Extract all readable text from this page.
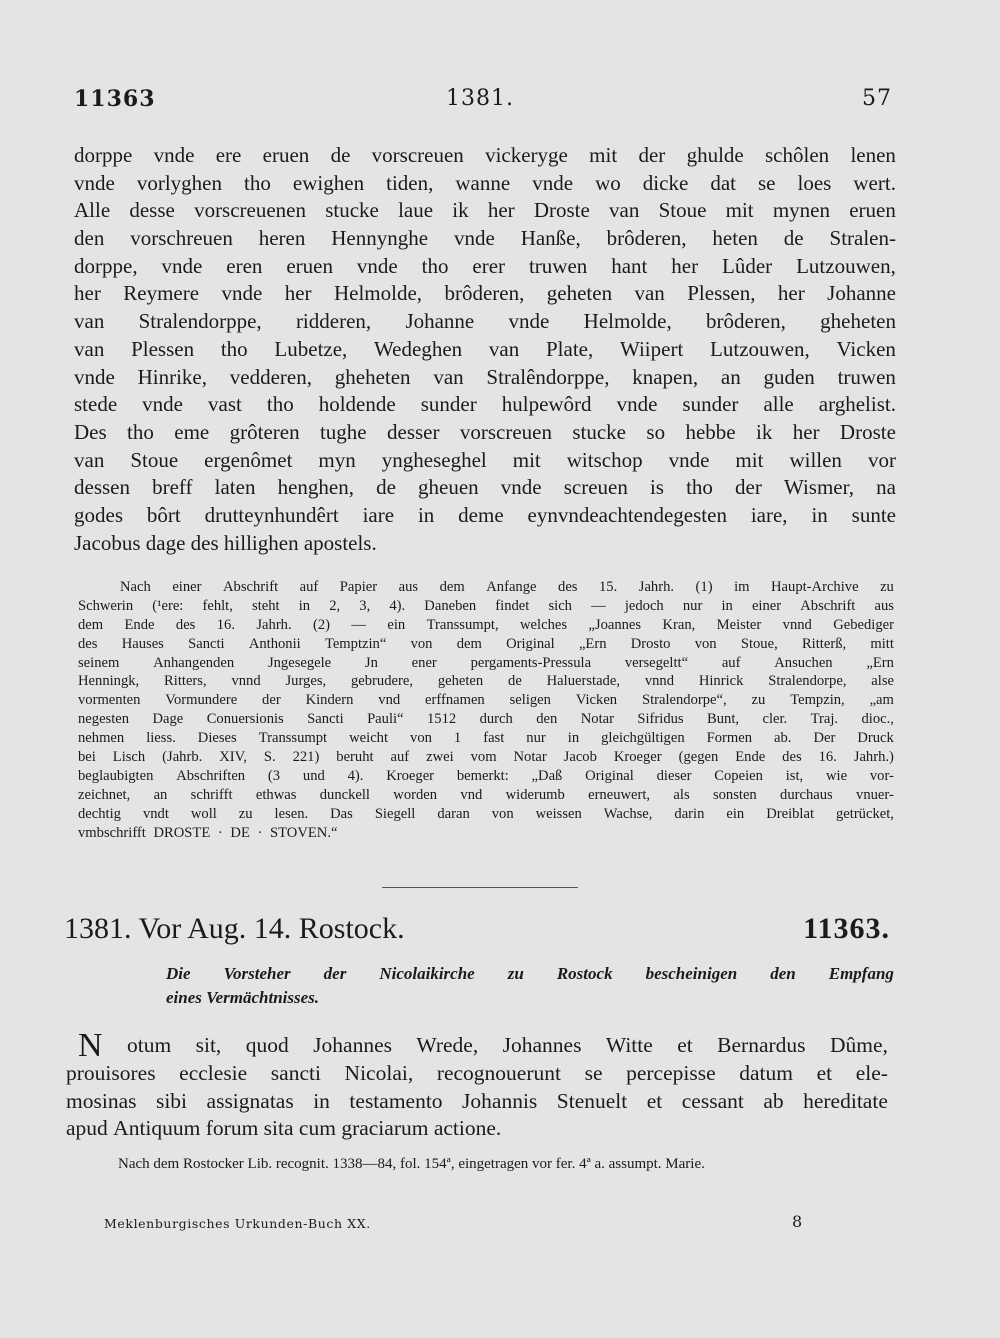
11363	1381.	57
dorppe vnde ere eruen de vorscreuen vickeryge mit der ghulde schôlen lenen
vnde vorlyghen tho ewighen tiden, wanne vnde wo dicke dat se loes wert.
Alle desse vorscreuenen stucke laue ik her Droste van Stoue mit mynen eruen
den vorschreuen heren Hennynghe vnde Hanße, brôderen, heten de Stralen-
dorppe, vnde eren eruen vnde tho erer truwen hant her Lûder Lutzouwen,
her Reymere vnde her Helmolde, brôderen, geheten van Plessen, her Johanne
van Stralendorppe, ridderen, Johanne vnde Helmolde, brôderen, gheheten
van Plessen tho Lubetze, Wedeghen van Plate, Wiipert Lutzouwen, Vicken
vnde Hinrike, vedderen, gheheten van Stralêndorppe, knapen, an guden truwen
stede vnde vast tho holdende sunder hulpewôrd vnde sunder alle arghelist.
Des tho eme grôteren tughe desser vorscreuen stucke so hebbe ik her Droste
van Stoue ergenômet myn yngheseghel mit witschop vnde mit willen vor
dessen breff laten henghen, de gheuen vnde screuen is tho der Wismer, na
godes bôrt drutteynhundêrt iare in deme eynvndeachtendegesten iare, in sunte
Jacobus dage des hillighen apostels.
Nach einer Abschrift auf Papier aus dem Anfange des 15. Jahrh. (1) im Haupt-Archive zu
Schwerin (¹ere: fehlt, steht in 2, 3, 4). Daneben findet sich — jedoch nur in einer Abschrift aus
dem Ende des 16. Jahrh. (2) — ein Transsumpt, welches „Joannes Kran, Meister vnnd Gebediger
des Hauses Sancti Anthonii Temptzin“ von dem Original „Ern Drosto von Stoue, Ritterß, mitt
seinem Anhangenden Jngesegele Jn ener pergaments-Pressula versegeltt“ auf Ansuchen „Ern
Henningk, Ritters, vnnd Jurges, gebrudere, geheten de Haluerstade, vnnd Hinrick Stralendorpe, alse
vormenten Vormundere der Kindern vnd erffnamen seligen Vicken Stralendorpe“, zu Tempzin, „am
negesten Dage Conuersionis Sancti Pauli“ 1512 durch den Notar Sifridus Bunt, cler. Traj. dioc.,
nehmen liess. Dieses Transsumpt weicht von 1 fast nur in gleichgültigen Formen ab. Der Druck
bei Lisch (Jahrb. XIV, S. 221) beruht auf zwei vom Notar Jacob Kroeger (gegen Ende des 16. Jahrh.)
beglaubigten Abschriften (3 und 4). Kroeger bemerkt: „Daß Original dieser Copeien ist, wie vor-
zeichnet, an schrifft ethwas dunckell worden vnd widerumb erneuwert, als sonsten durchaus vnuer-
dechtig vndt woll zu lesen. Das Siegell daran von weissen Wachse, darin ein Dreiblat getrücket,
vmbschrifft DROSTE · DE · STOVEN.“
1381. Vor Aug. 14. Rostock.	11363.
Die Vorsteher der Nicolaikirche zu Rostock bescheinigen den Empfang
eines Vermächtnisses.
N otum sit, quod Johannes Wrede, Johannes Witte et Bernardus Dûme,
prouisores ecclesie sancti Nicolai, recognouerunt se percepisse datum et ele-
mosinas sibi assignatas in testamento Johannis Stenuelt et cessant ab hereditate
apud Antiquum forum sita cum graciarum actione.
Nach dem Rostocker Lib. recognit. 1338—84, fol. 154ª, eingetragen vor fer. 4ª a. assumpt. Marie.
Meklenburgisches Urkunden-Buch XX.	8
